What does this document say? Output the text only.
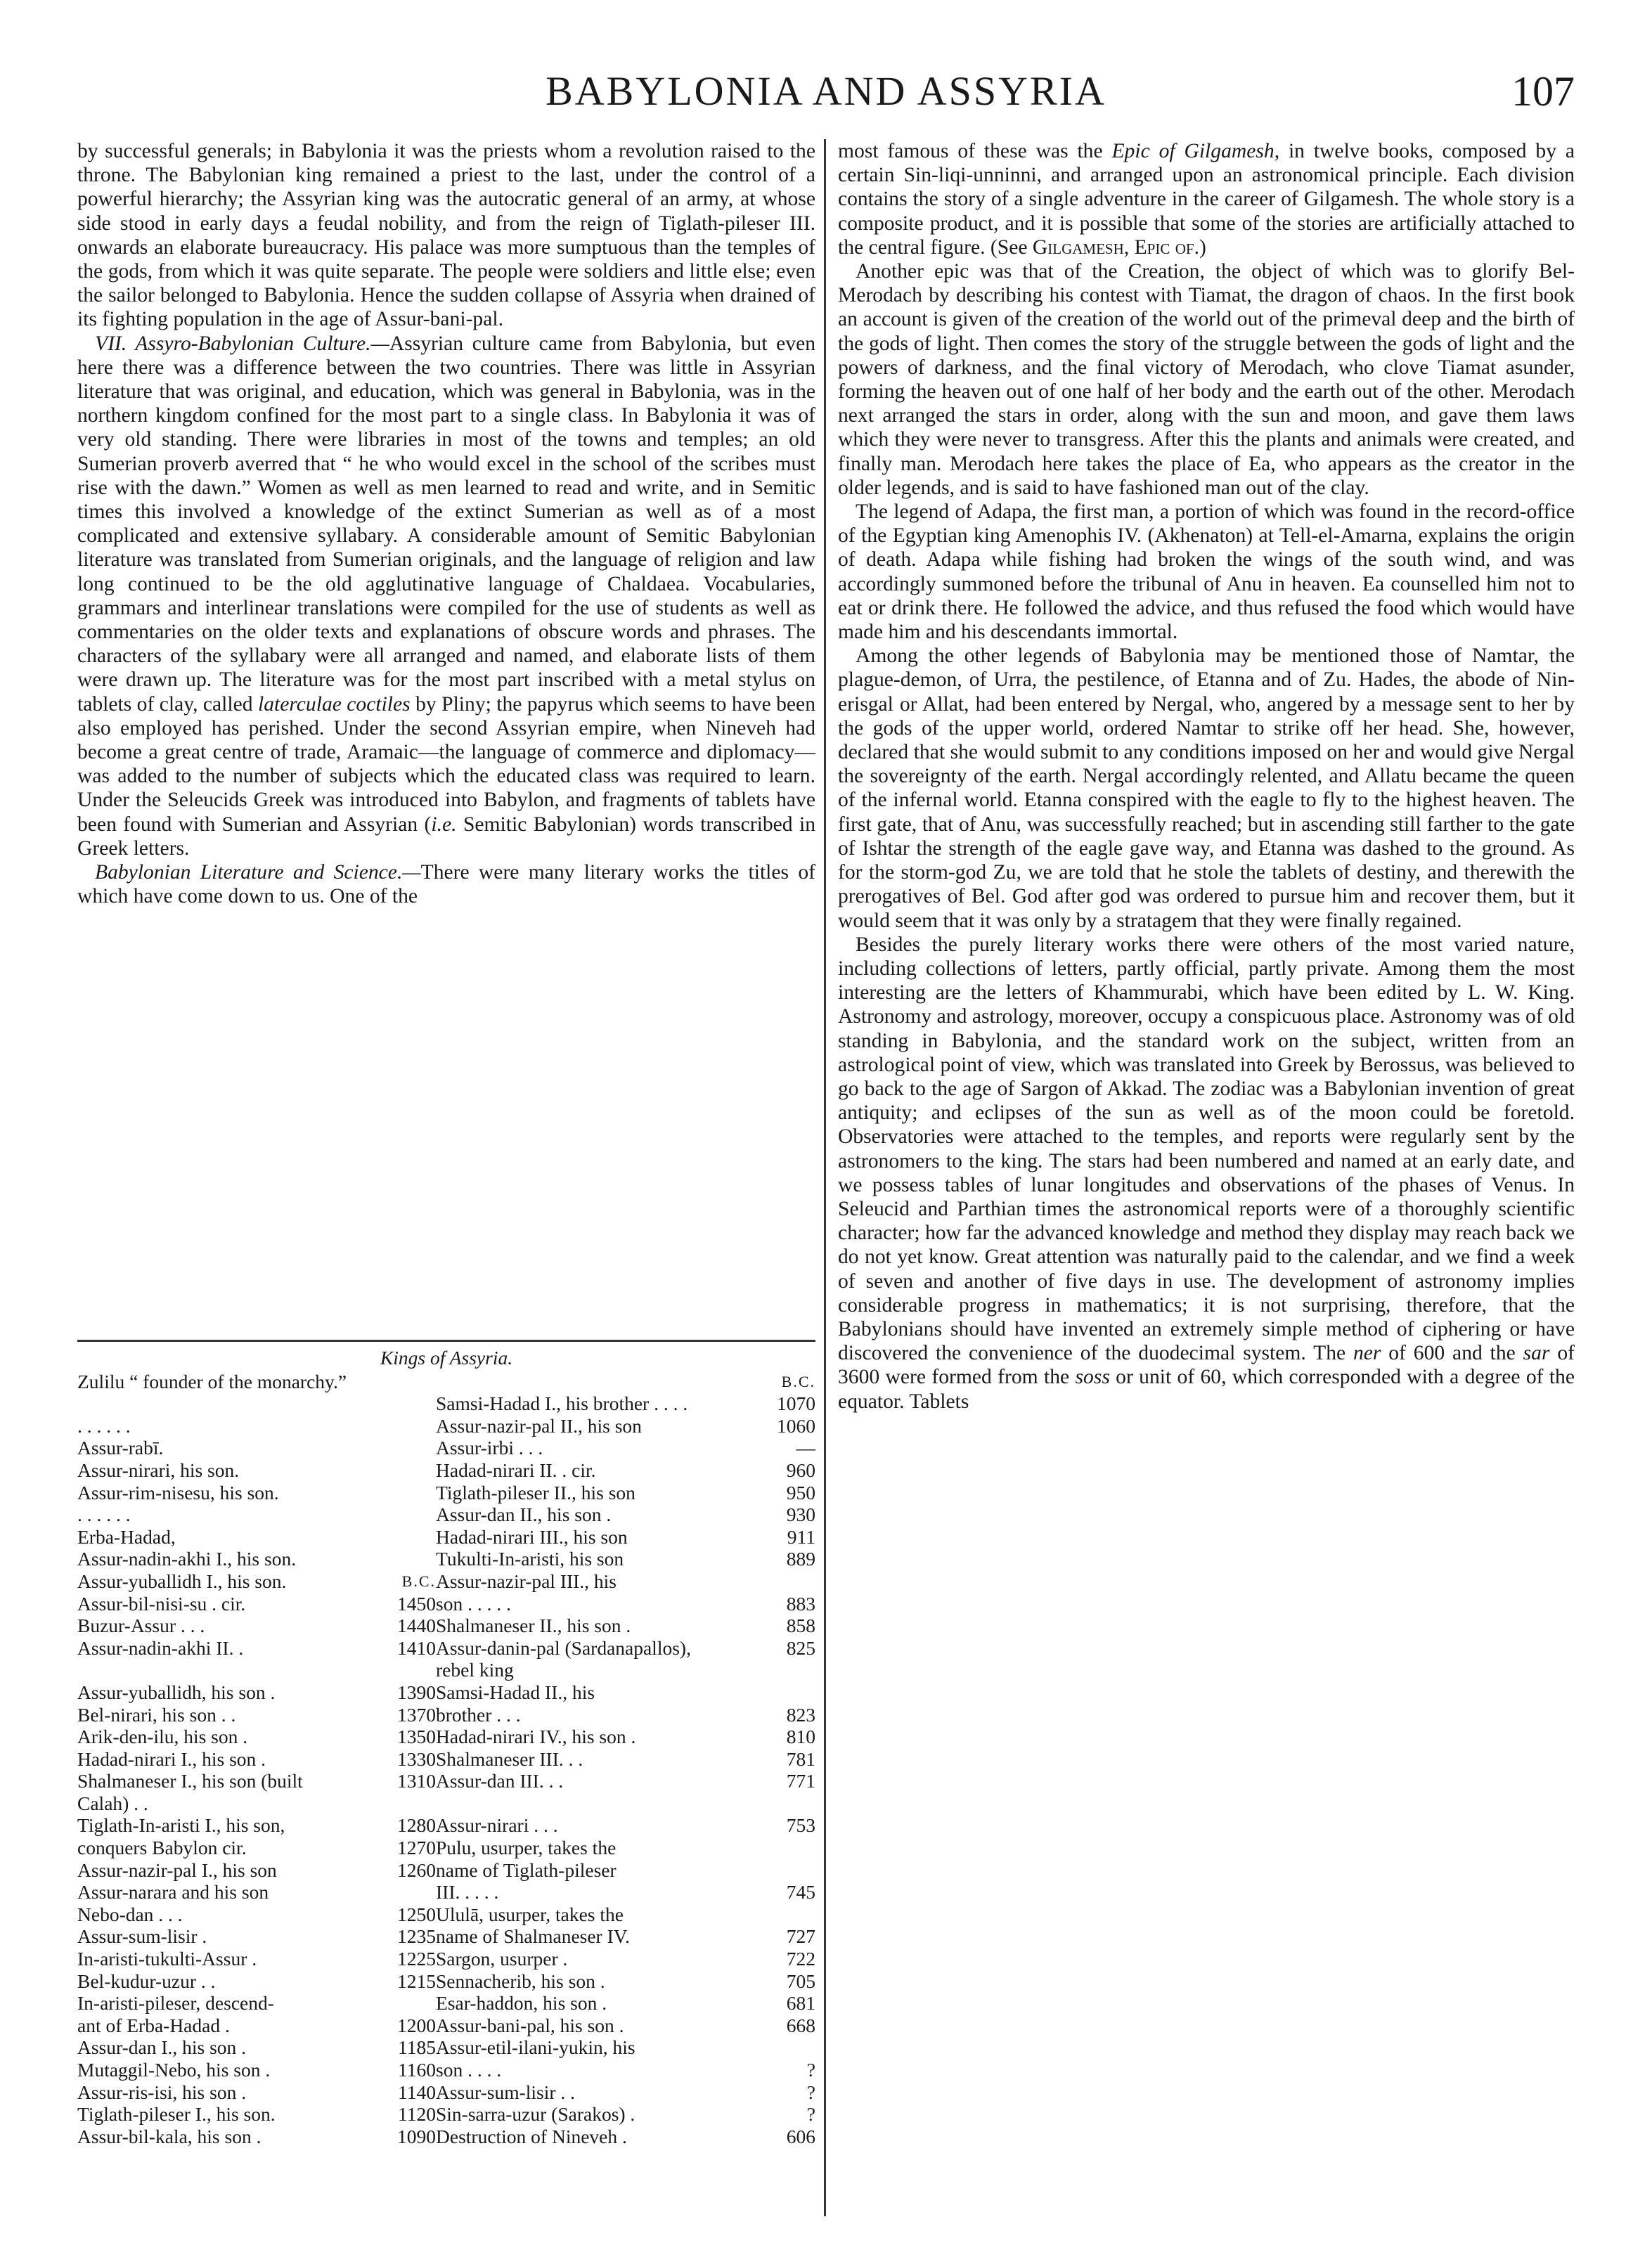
BABYLONIA AND ASSYRIA	107

by successful generals; in Babylonia it was the priests whom a revolution raised to the throne. The Babylonian king remained a priest to the last, under the control of a powerful hierarchy; the Assyrian king was the autocratic general of an army, at whose side stood in early days a feudal nobility, and from the reign of Tiglath-pileser III. onwards an elaborate bureaucracy. His palace was more sumptuous than the temples of the gods, from which it was quite separate. The people were soldiers and little else; even the sailor belonged to Babylonia. Hence the sudden collapse of Assyria when drained of its fighting population in the age of Assur-bani-pal.

VII. Assyro-Babylonian Culture.—Assyrian culture came from Babylonia, but even here there was a difference between the two countries. There was little in Assyrian literature that was original, and education, which was general in Babylonia, was in the northern kingdom confined for the most part to a single class. In Babylonia it was of very old standing. There were libraries in most of the towns and temples; an old Sumerian proverb averred that “ he who would excel in the school of the scribes must rise with the dawn.” Women as well as men learned to read and write, and in Semitic times this involved a knowledge of the extinct Sumerian as well as of a most complicated and extensive syllabary. A considerable amount of Semitic Babylonian literature was translated from Sumerian originals, and the language of religion and law long continued to be the old agglutinative language of Chaldaea. Vocabularies, grammars and interlinear translations were compiled for the use of students as well as commentaries on the older texts and explanations of obscure words and phrases. The characters of the syllabary were all arranged and named, and elaborate lists of them were drawn up. The literature was for the most part inscribed with a metal stylus on tablets of clay, called laterculae coctiles by Pliny; the papyrus which seems to have been also employed has perished. Under the second Assyrian empire, when Nineveh had become a great centre of trade, Aramaic—the language of commerce and diplomacy—was added to the number of subjects which the educated class was required to learn. Under the Seleucids Greek was introduced into Babylon, and fragments of tablets have been found with Sumerian and Assyrian (i.e. Semitic Babylonian) words transcribed in Greek letters.

Babylonian Literature and Science.—There were many literary works the titles of which have come down to us. One of the

Kings of Assyria.
Zulilu “ founder of the monarchy.”			B.C.
		Samsi-Hadad I., his brother . . . .	1070
. . . . . .		Assur-nazir-pal II., his son	1060
Assur-rabī.		Assur-irbi . . .	—
Assur-nirari, his son.		Hadad-nirari II. . cir.	960
Assur-rim-nisesu, his son.		Tiglath-pileser II., his son	950
. . . . . .		Assur-dan II., his son .	930
Erba-Hadad,		Hadad-nirari III., his son	911
Assur-nadin-akhi I., his son.		Tukulti-In-aristi, his son	889
Assur-yuballidh I., his son.	B.C.	Assur-nazir-pal III., his	
Assur-bil-nisi-su . cir.	1450	son . . . . .	883
Buzur-Assur . . .	1440	Shalmaneser II., his son .	858
Assur-nadin-akhi II. .	1410	Assur-danin-pal (Sardanapallos), rebel king	825
Assur-yuballidh, his son .	1390	Samsi-Hadad II., his	
Bel-nirari, his son . .	1370	brother . . .	823
Arik-den-ilu, his son .	1350	Hadad-nirari IV., his son .	810
Hadad-nirari I., his son .	1330	Shalmaneser III. . .	781
Shalmaneser I., his son (built Calah) . .	1310	Assur-dan III. . .	771
Tiglath-In-aristi I., his son,	1280	Assur-nirari . . .	753
conquers Babylon cir.	1270	Pulu, usurper, takes the	
Assur-nazir-pal I., his son	1260	name of Tiglath-pileser	
Assur-narara and his son		III. . . . .	745
Nebo-dan . . .	1250	Ululā, usurper, takes the	
Assur-sum-lisir .	1235	name of Shalmaneser IV.	727
In-aristi-tukulti-Assur .	1225	Sargon, usurper .	722
Bel-kudur-uzur . .	1215	Sennacherib, his son .	705
In-aristi-pileser, descend-		Esar-haddon, his son .	681
ant of Erba-Hadad .	1200	Assur-bani-pal, his son .	668
Assur-dan I., his son .	1185	Assur-etil-ilani-yukin, his	
Mutaggil-Nebo, his son .	1160	son . . . .	?
Assur-ris-isi, his son .	1140	Assur-sum-lisir . .	?
Tiglath-pileser I., his son.	1120	Sin-sarra-uzur (Sarakos) .	?
Assur-bil-kala, his son .	1090	Destruction of Nineveh .	606

most famous of these was the Epic of Gilgamesh, in twelve books, composed by a certain Sin-liqi-unninni, and arranged upon an astronomical principle. Each division contains the story of a single adventure in the career of Gilgamesh. The whole story is a composite product, and it is possible that some of the stories are artificially attached to the central figure. (See Gilgamesh, Epic of.)

Another epic was that of the Creation, the object of which was to glorify Bel-Merodach by describing his contest with Tiamat, the dragon of chaos. In the first book an account is given of the creation of the world out of the primeval deep and the birth of the gods of light. Then comes the story of the struggle between the gods of light and the powers of darkness, and the final victory of Merodach, who clove Tiamat asunder, forming the heaven out of one half of her body and the earth out of the other. Merodach next arranged the stars in order, along with the sun and moon, and gave them laws which they were never to transgress. After this the plants and animals were created, and finally man. Merodach here takes the place of Ea, who appears as the creator in the older legends, and is said to have fashioned man out of the clay.

The legend of Adapa, the first man, a portion of which was found in the record-office of the Egyptian king Amenophis IV. (Akhenaton) at Tell-el-Amarna, explains the origin of death. Adapa while fishing had broken the wings of the south wind, and was accordingly summoned before the tribunal of Anu in heaven. Ea counselled him not to eat or drink there. He followed the advice, and thus refused the food which would have made him and his descendants immortal.

Among the other legends of Babylonia may be mentioned those of Namtar, the plague-demon, of Urra, the pestilence, of Etanna and of Zu. Hades, the abode of Nin-erisgal or Allat, had been entered by Nergal, who, angered by a message sent to her by the gods of the upper world, ordered Namtar to strike off her head. She, however, declared that she would submit to any conditions imposed on her and would give Nergal the sovereignty of the earth. Nergal accordingly relented, and Allatu became the queen of the infernal world. Etanna conspired with the eagle to fly to the highest heaven. The first gate, that of Anu, was successfully reached; but in ascending still farther to the gate of Ishtar the strength of the eagle gave way, and Etanna was dashed to the ground. As for the storm-god Zu, we are told that he stole the tablets of destiny, and therewith the prerogatives of Bel. God after god was ordered to pursue him and recover them, but it would seem that it was only by a stratagem that they were finally regained.

Besides the purely literary works there were others of the most varied nature, including collections of letters, partly official, partly private. Among them the most interesting are the letters of Khammurabi, which have been edited by L. W. King. Astronomy and astrology, moreover, occupy a conspicuous place. Astronomy was of old standing in Babylonia, and the standard work on the subject, written from an astrological point of view, which was translated into Greek by Berossus, was believed to go back to the age of Sargon of Akkad. The zodiac was a Babylonian invention of great antiquity; and eclipses of the sun as well as of the moon could be foretold. Observatories were attached to the temples, and reports were regularly sent by the astronomers to the king. The stars had been numbered and named at an early date, and we possess tables of lunar longitudes and observations of the phases of Venus. In Seleucid and Parthian times the astronomical reports were of a thoroughly scientific character; how far the advanced knowledge and method they display may reach back we do not yet know. Great attention was naturally paid to the calendar, and we find a week of seven and another of five days in use. The development of astronomy implies considerable progress in mathematics; it is not surprising, therefore, that the Babylonians should have invented an extremely simple method of ciphering or have discovered the convenience of the duodecimal system. The ner of 600 and the sar of 3600 were formed from the soss or unit of 60, which corresponded with a degree of the equator. Tablets
